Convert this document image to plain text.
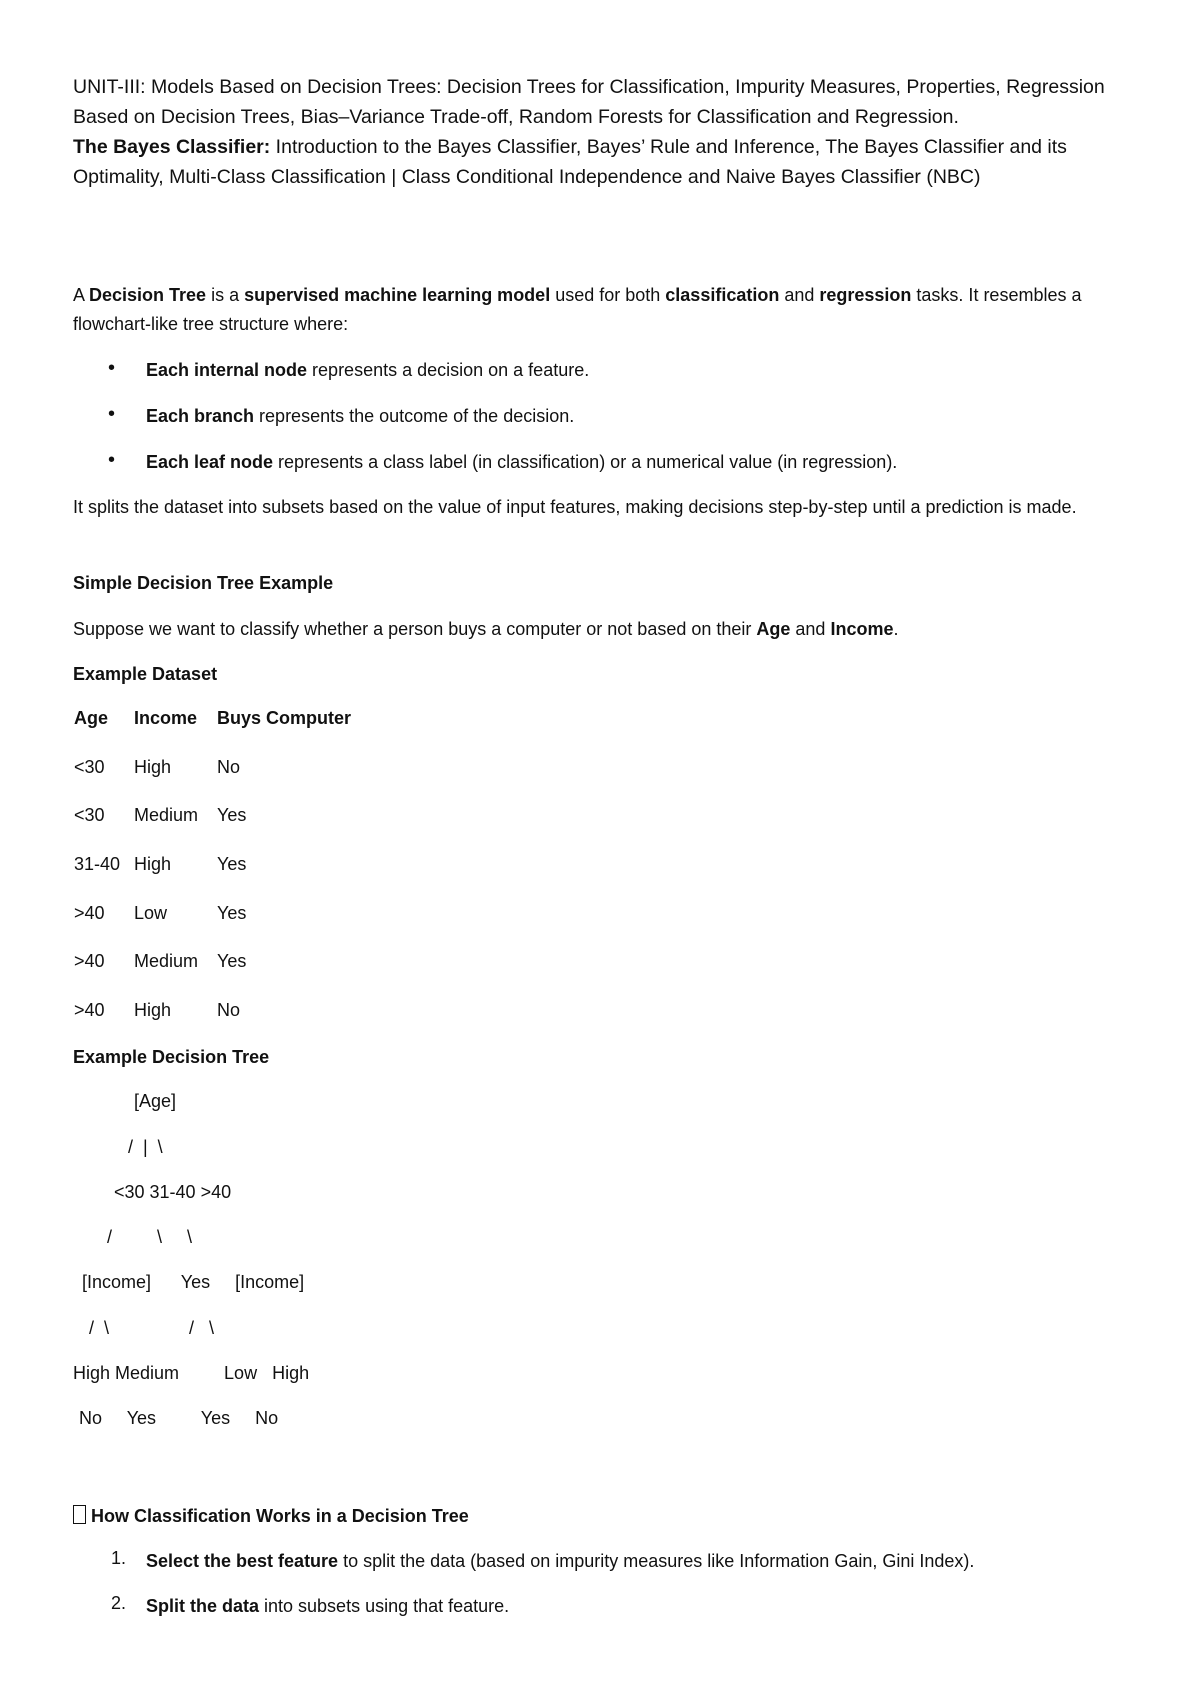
UNIT-III: Models Based on Decision Trees: Decision Trees for Classification, Impurity Measures, Properties, Regression Based on Decision Trees, Bias–Variance Trade-off, Random Forests for Classification and Regression.
The Bayes Classifier: Introduction to the Bayes Classifier, Bayes’ Rule and Inference, The Bayes Classifier and its Optimality, Multi-Class Classification | Class Conditional Independence and Naive Bayes Classifier (NBC)
A Decision Tree is a supervised machine learning model used for both classification and regression tasks. It resembles a flowchart-like tree structure where:
• Each internal node represents a decision on a feature.
• Each branch represents the outcome of the decision.
• Each leaf node represents a class label (in classification) or a numerical value (in regression).
It splits the dataset into subsets based on the value of input features, making decisions step-by-step until a prediction is made.
Simple Decision Tree Example
Suppose we want to classify whether a person buys a computer or not based on their Age and Income.
Example Dataset
Age Income Buys Computer
<30 High	No
<30 Medium Yes
31-40 High	Yes
>40 Low	Yes
>40 Medium Yes
>40 High	No
Example Decision Tree
[Age]
/  |  \
<30 31-40 >40
/         \     \
[Income]      Yes     [Income]
/  \                /   \
High Medium         Low   High
No     Yes         Yes     No
How Classification Works in a Decision Tree
1. Select the best feature to split the data (based on impurity measures like Information Gain, Gini Index).
2. Split the data into subsets using that feature.
